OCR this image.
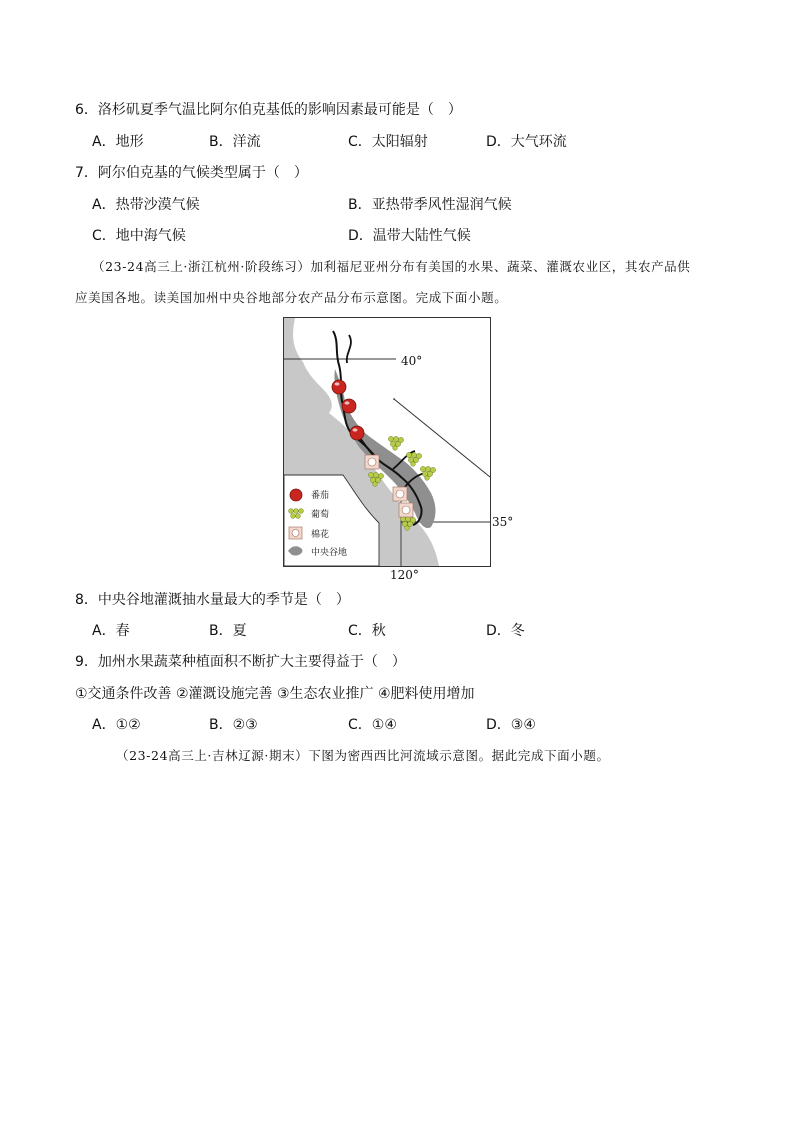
6．洛杉矶夏季气温比阿尔伯克基低的影响因素最可能是（　）
A．地形	B．洋流	C．太阳辐射	D．大气环流
7．阿尔伯克基的气候类型属于（　）
A．热带沙漠气候	B．亚热带季风性湿润气候
C．地中海气候	D．温带大陆性气候
（23-24高三上·浙江杭州·阶段练习）加利福尼亚州分布有美国的水果、蔬菜、灌溉农业区，其农产品供
应美国各地。读美国加州中央谷地部分农产品分布示意图。完成下面小题。
番茄
葡萄
棉花
中央谷地
40°
35°
120°
8．中央谷地灌溉抽水量最大的季节是（　）
A．春	B．夏	C．秋	D．冬
9．加州水果蔬菜种植面积不断扩大主要得益于（　）
①交通条件改善 ②灌溉设施完善 ③生态农业推广 ④肥料使用增加
A．①②	B．②③	C．①④	D．③④
（23-24高三上·吉林辽源·期末）下图为密西西比河流域示意图。据此完成下面小题。
